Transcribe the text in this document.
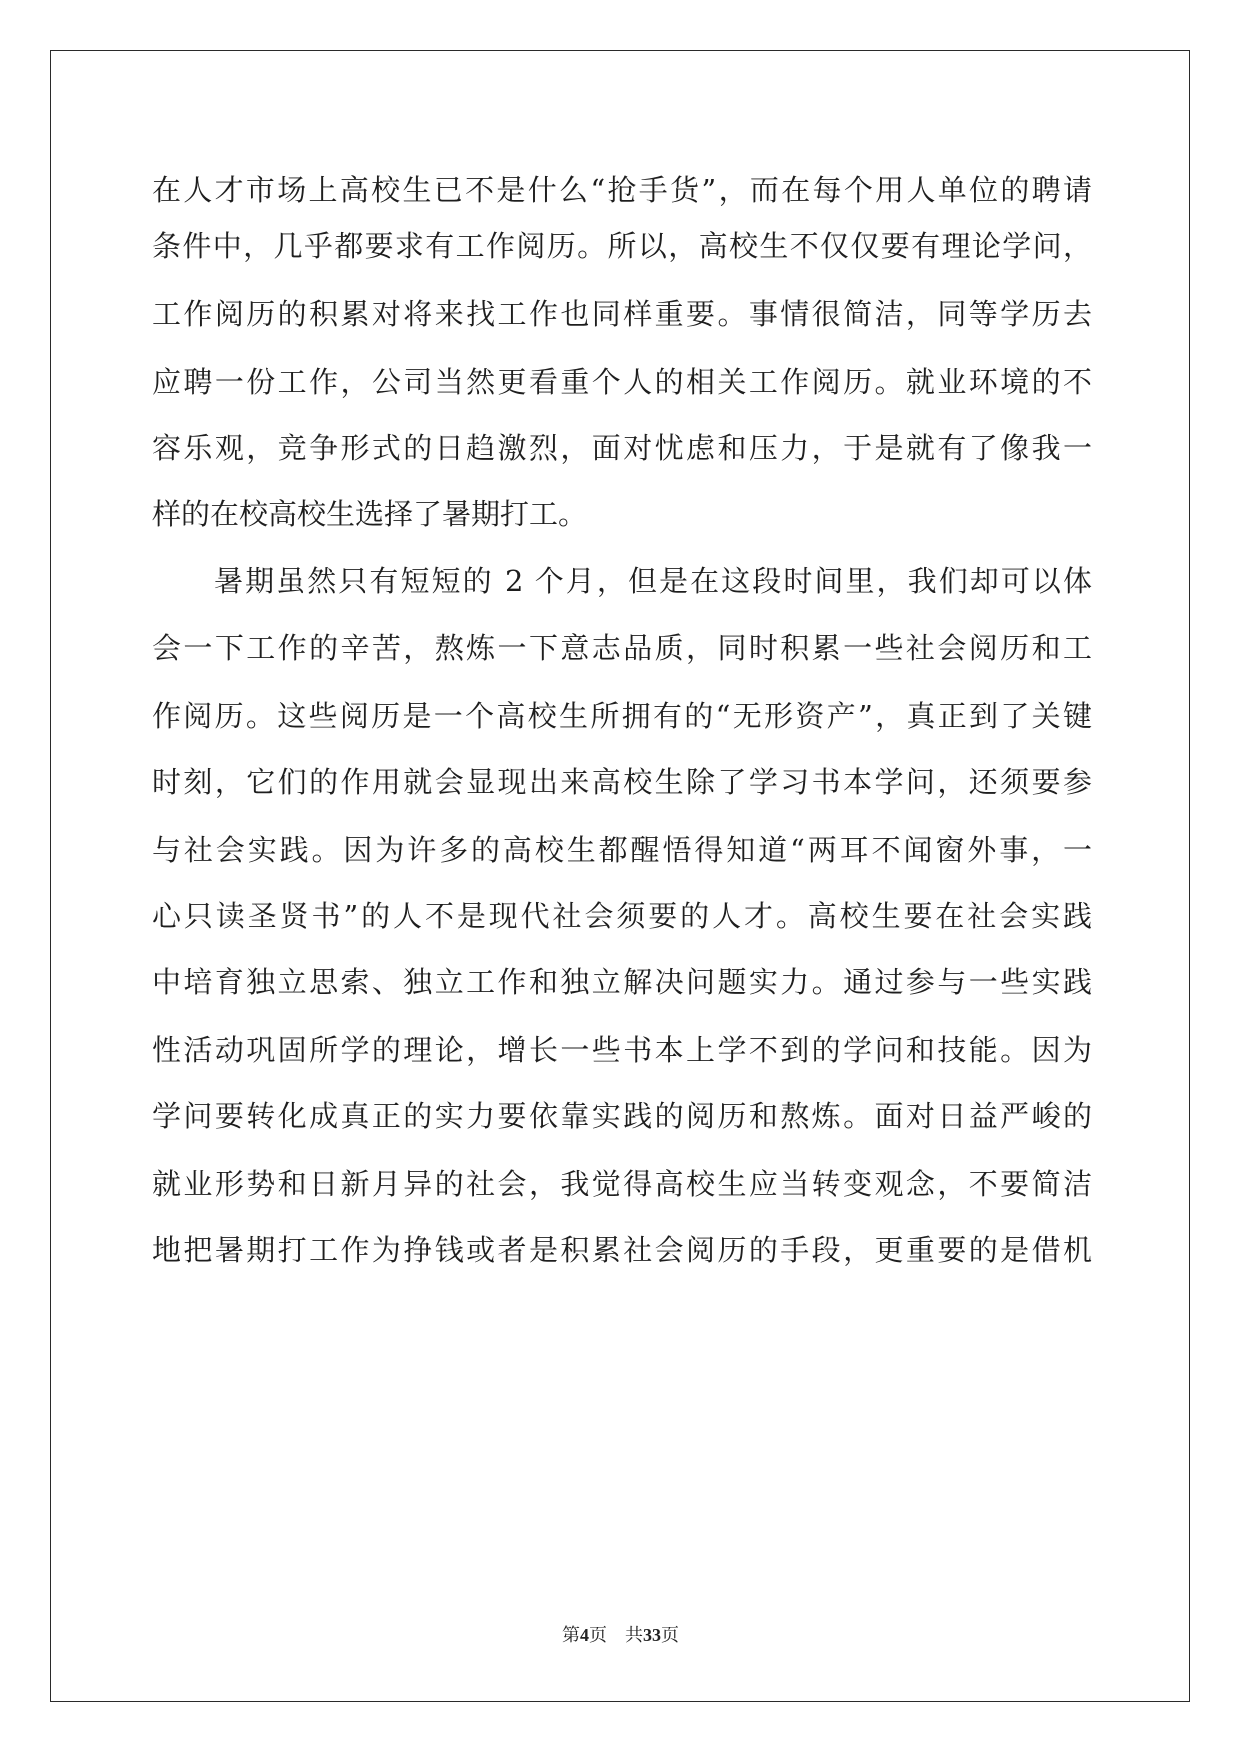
在人才市场上高校生已不是什么“抢手货”，而在每个用人单位的聘请
条件中，几乎都要求有工作阅历。所以，高校生不仅仅要有理论学问，
工作阅历的积累对将来找工作也同样重要。事情很简洁，同等学历去
应聘一份工作，公司当然更看重个人的相关工作阅历。就业环境的不
容乐观，竞争形式的日趋激烈，面对忧虑和压力，于是就有了像我一
样的在校高校生选择了暑期打工。
暑期虽然只有短短的 2 个月，但是在这段时间里，我们却可以体
会一下工作的辛苦，熬炼一下意志品质，同时积累一些社会阅历和工
作阅历。这些阅历是一个高校生所拥有的“无形资产”，真正到了关键
时刻，它们的作用就会显现出来高校生除了学习书本学问，还须要参
与社会实践。因为许多的高校生都醒悟得知道“两耳不闻窗外事，一
心只读圣贤书”的人不是现代社会须要的人才。高校生要在社会实践
中培育独立思索、独立工作和独立解决问题实力。通过参与一些实践
性活动巩固所学的理论，增长一些书本上学不到的学问和技能。因为
学问要转化成真正的实力要依靠实践的阅历和熬炼。面对日益严峻的
就业形势和日新月异的社会，我觉得高校生应当转变观念，不要简洁
地把暑期打工作为挣钱或者是积累社会阅历的手段，更重要的是借机
第4页　共33页
